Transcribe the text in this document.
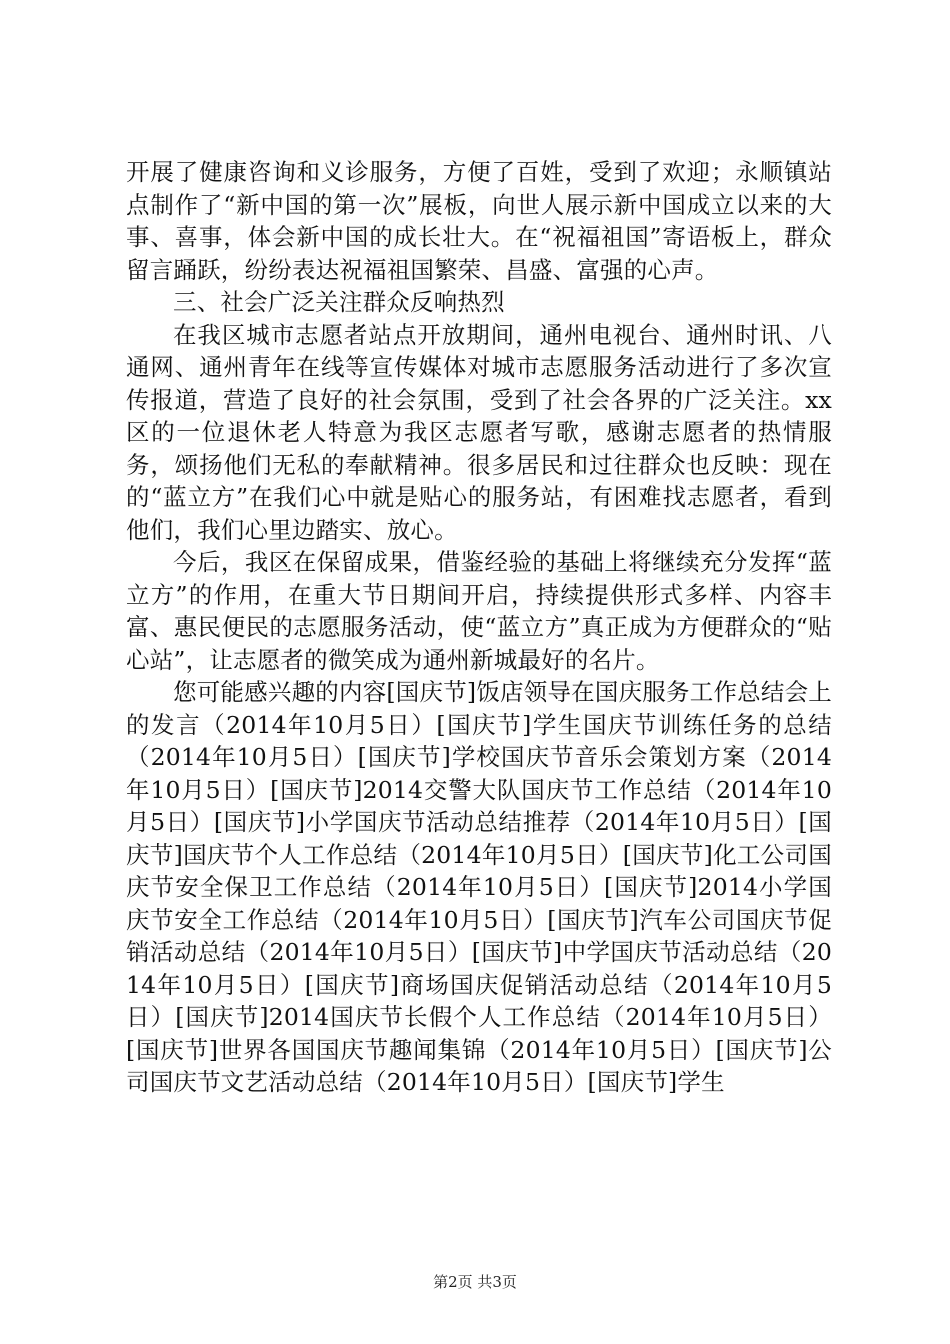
开展了健康咨询和义诊服务，方便了百姓，受到了欢迎；永顺镇站点制作了“新中国的第一次”展板，向世人展示新中国成立以来的大事、喜事，体会新中国的成长壮大。在“祝福祖国”寄语板上，群众留言踊跃，纷纷表达祝福祖国繁荣、昌盛、富强的心声。

三、社会广泛关注群众反响热烈

在我区城市志愿者站点开放期间，通州电视台、通州时讯、八通网、通州青年在线等宣传媒体对城市志愿服务活动进行了多次宣传报道，营造了良好的社会氛围，受到了社会各界的广泛关注。xx区的一位退休老人特意为我区志愿者写歌，感谢志愿者的热情服务，颂扬他们无私的奉献精神。很多居民和过往群众也反映：现在的“蓝立方”在我们心中就是贴心的服务站，有困难找志愿者，看到他们，我们心里边踏实、放心。

今后，我区在保留成果，借鉴经验的基础上将继续充分发挥“蓝立方”的作用，在重大节日期间开启，持续提供形式多样、内容丰富、惠民便民的志愿服务活动，使“蓝立方”真正成为方便群众的“贴心站”，让志愿者的微笑成为通州新城最好的名片。

您可能感兴趣的内容[国庆节]饭店领导在国庆服务工作总结会上的发言（2014年10月5日）[国庆节]学生国庆节训练任务的总结（2014年10月5日）[国庆节]学校国庆节音乐会策划方案（2014年10月5日）[国庆节]2014交警大队国庆节工作总结（2014年10月5日）[国庆节]小学国庆节活动总结推荐（2014年10月5日）[国庆节]国庆节个人工作总结（2014年10月5日）[国庆节]化工公司国庆节安全保卫工作总结（2014年10月5日）[国庆节]2014小学国庆节安全工作总结（2014年10月5日）[国庆节]汽车公司国庆节促销活动总结（2014年10月5日）[国庆节]中学国庆节活动总结（2014年10月5日）[国庆节]商场国庆促销活动总结（2014年10月5日）[国庆节]2014国庆节长假个人工作总结（2014年10月5日）[国庆节]世界各国国庆节趣闻集锦（2014年10月5日）[国庆节]公司国庆节文艺活动总结（2014年10月5日）[国庆节]学生

第2页 共3页
